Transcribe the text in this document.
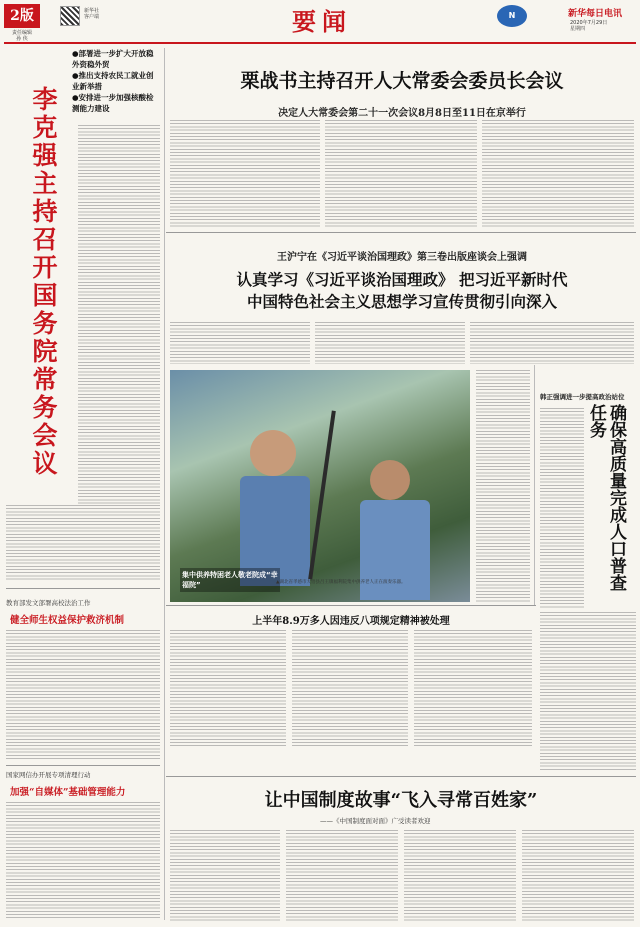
2版
责任编辑
孙 侠
新华社
客户端	要闻	N	新华每日电讯
2020年7月29日
星期四
●部署进一步扩大开放稳外资稳外贸
●推出支持农民工就业创业新举措
●安排进一步加强核酸检测能力建设
李克强主持召开国务院常务会议
教育部发文部署高校法治工作
健全师生权益保护救济机制
国家网信办开展专项清理行动
加强“自媒体”基础管理能力
栗战书主持召开人大常委会委员长会议
决定人大常委会第二十一次会议8月8日至11日在京举行
王沪宁在《习近平谈治国理政》第三卷出版座谈会上强调
认真学习《习近平谈治国理政》 把习近平新时代
中国特色社会主义思想学习宣传贯彻引向深入
集中供养特困老人敬老院成“幸福院”	▲湖北省孝感市大悟县吕王镇福利院集中供养老人正在演奏乐器。
韩正强调进一步提高政治站位
确保高质量完成人口普查任务
上半年8.9万多人因违反八项规定精神被处理
让中国制度故事“飞入寻常百姓家”
——《中国制度面对面》广受读者欢迎
